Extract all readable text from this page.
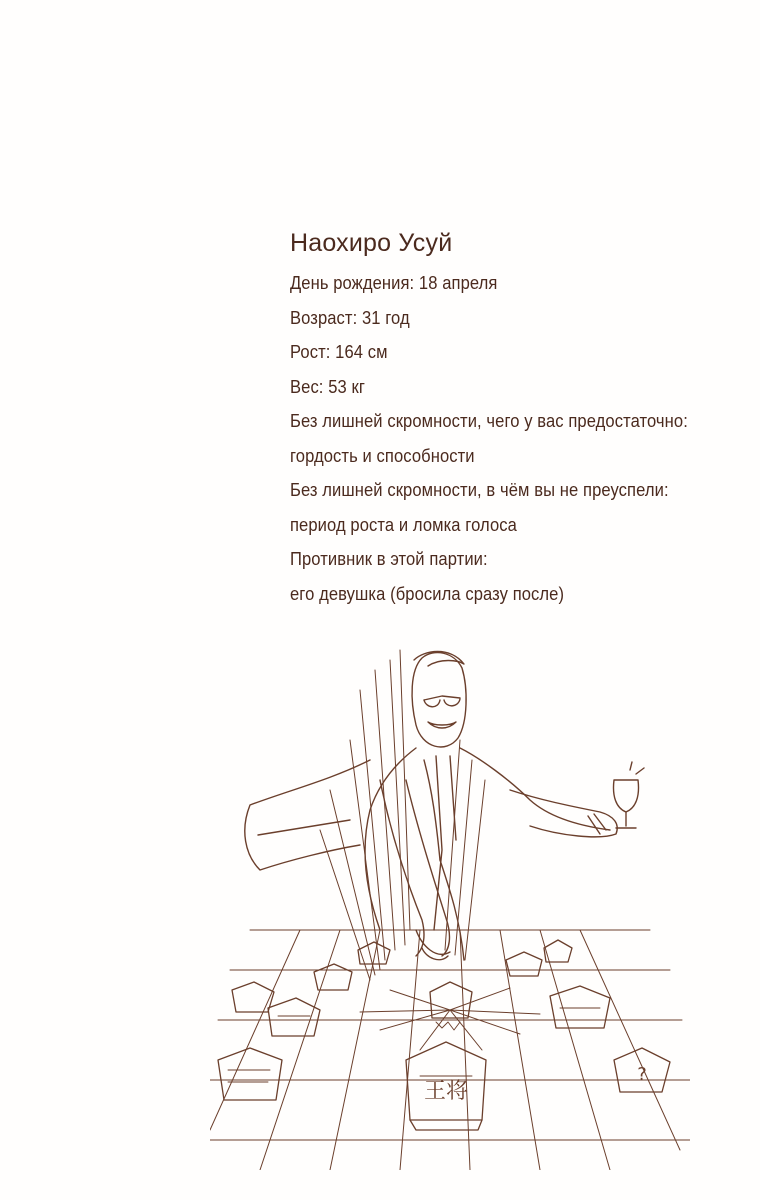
Наохиро Усуй
День рождения: 18 апреля
Возраст: 31 год
Рост: 164 см
Вес: 53 кг
Без лишней скромности, чего у вас предостаточно:
гордость и способности
Без лишней скромности, в чём вы не преуспели:
период роста и ломка голоса
Противник в этой партии:
его девушка (бросила сразу после)
王将
?
